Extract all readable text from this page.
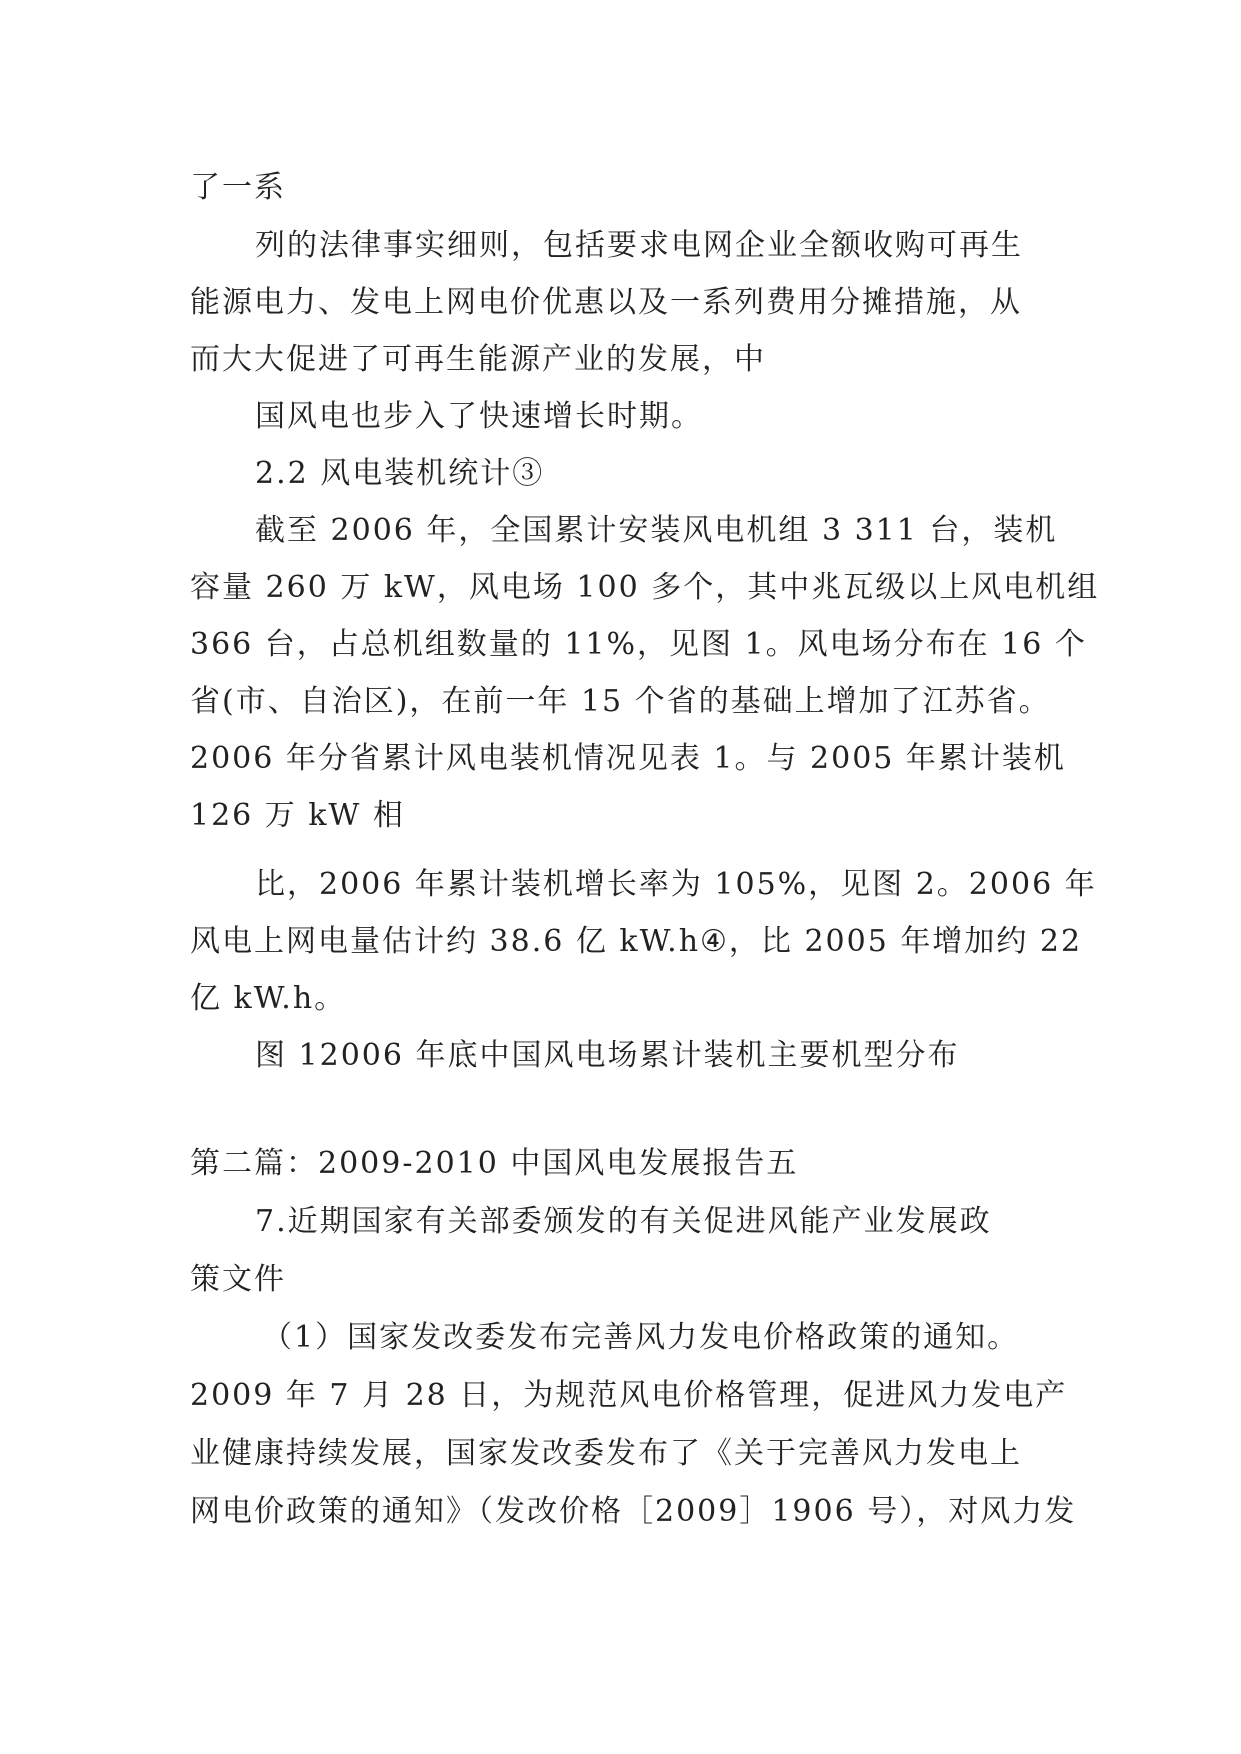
了一系
列的法律事实细则，包括要求电网企业全额收购可再生
能源电力、发电上网电价优惠以及一系列费用分摊措施，从
而大大促进了可再生能源产业的发展，中
国风电也步入了快速增长时期。
2.2 风电装机统计③
截至 2006 年，全国累计安装风电机组 3 311 台，装机
容量 260 万 kW，风电场 100 多个，其中兆瓦级以上风电机组
366 台，占总机组数量的 11%，见图 1。风电场分布在 16 个
省(市、自治区)，在前一年 15 个省的基础上增加了江苏省。
2006 年分省累计风电装机情况见表 1。与 2005 年累计装机
126 万 kW 相
比，2006 年累计装机增长率为 105%，见图 2。2006 年
风电上网电量估计约 38.6 亿 kW.h④，比 2005 年增加约 22
亿 kW.h。
图 12006 年底中国风电场累计装机主要机型分布
第二篇：2009-2010 中国风电发展报告五
7.近期国家有关部委颁发的有关促进风能产业发展政
策文件
（1）国家发改委发布完善风力发电价格政策的通知。
2009 年 7 月 28 日，为规范风电价格管理，促进风力发电产
业健康持续发展，国家发改委发布了《关于完善风力发电上
网电价政策的通知》（发改价格［2009］1906 号），对风力发
